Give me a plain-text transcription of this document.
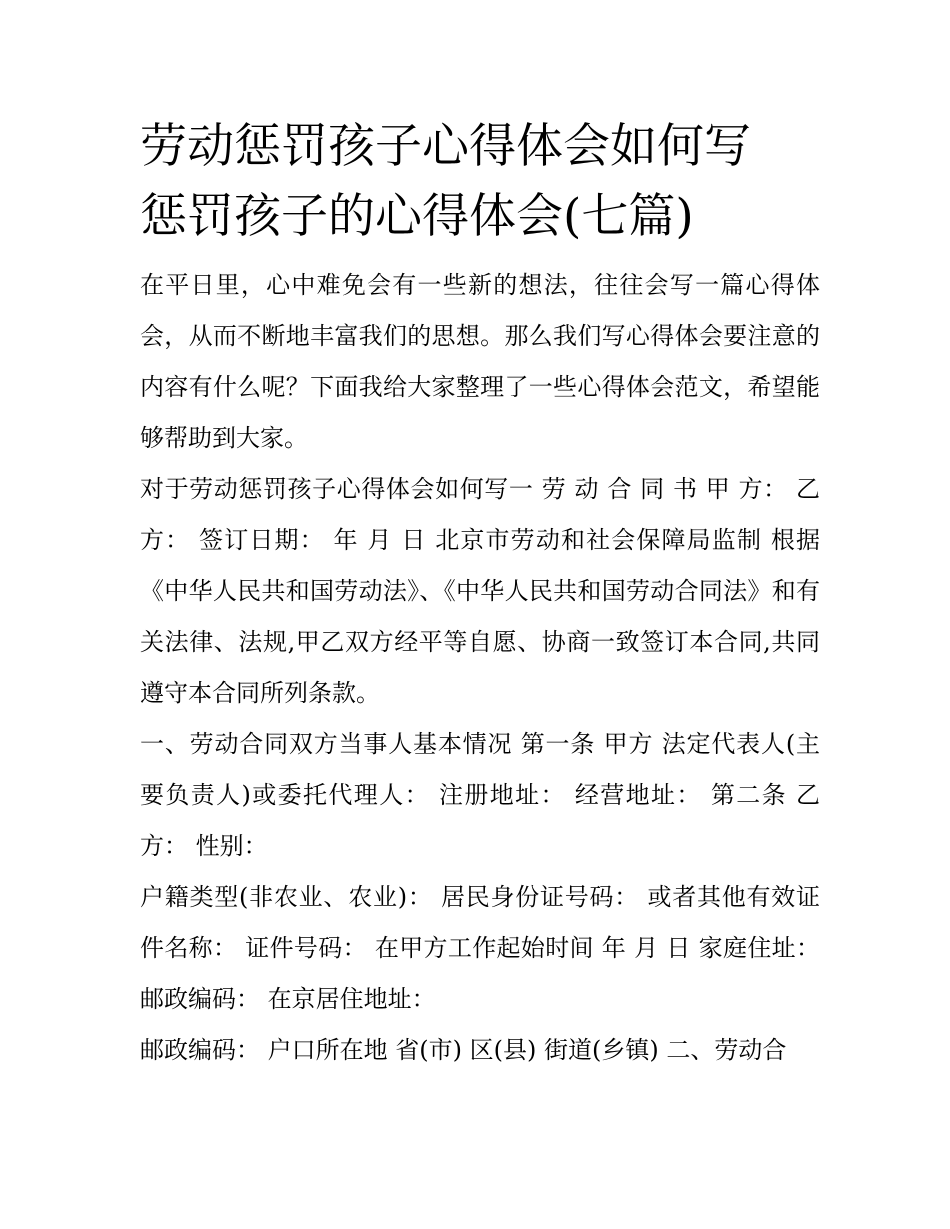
劳动惩罚孩子心得体会如何写
惩罚孩子的心得体会(七篇)

在平日里，心中难免会有一些新的想法，往往会写一篇心得体会，从而不断地丰富我们的思想。那么我们写心得体会要注意的内容有什么呢？下面我给大家整理了一些心得体会范文，希望能够帮助到大家。

对于劳动惩罚孩子心得体会如何写一 劳 动 合 同 书 甲 方： 乙 方： 签订日期： 年 月 日 北京市劳动和社会保障局监制 根据《中华人民共和国劳动法》、《中华人民共和国劳动合同法》和有关法律、法规,甲乙双方经平等自愿、协商一致签订本合同,共同遵守本合同所列条款。

一、劳动合同双方当事人基本情况 第一条 甲方 法定代表人(主要负责人)或委托代理人： 注册地址： 经营地址： 第二条 乙方： 性别：

户籍类型(非农业、农业)： 居民身份证号码： 或者其他有效证件名称： 证件号码： 在甲方工作起始时间 年 月 日 家庭住址： 邮政编码： 在京居住地址：

邮政编码： 户口所在地 省(市) 区(县) 街道(乡镇) 二、劳动合
